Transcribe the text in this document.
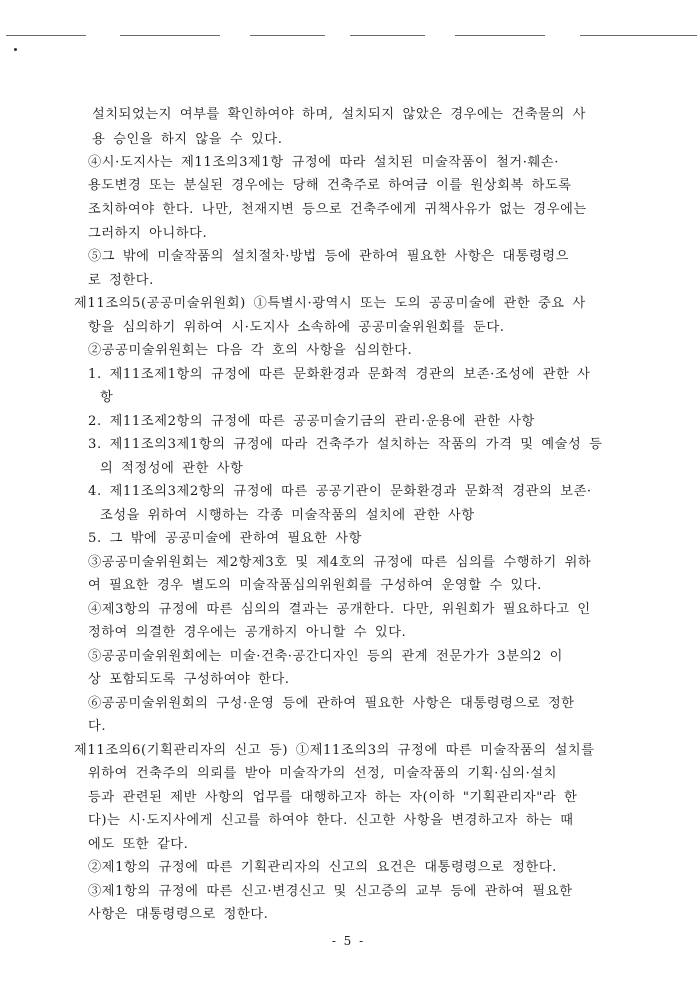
설치되었는지 여부를 확인하여야 하며, 설치되지 않았은 경우에는 건축물의 사
용 승인을 하지 않을 수 있다.
④시·도지사는 제11조의3제1항 규정에 따라 설치된 미술작품이 철거·훼손·
용도변경 또는 분실된 경우에는 당해 건축주로 하여금 이를 원상회복 하도록
조치하여야 한다. 나만, 천재지변 등으로 건축주에게 귀책사유가 없는 경우에는
그러하지 아니하다.
⑤그 밖에 미술작품의 설치절차·방법 등에 관하여 필요한 사항은 대통령령으
로 정한다.
제11조의5(공공미술위원회) ①특별시·광역시 또는 도의 공공미술에 관한 중요 사
항을 심의하기 위하여 시·도지사 소속하에 공공미술위원회를 둔다.
②공공미술위원회는 다음 각 호의 사항을 심의한다.
1. 제11조제1항의 규정에 따른 문화환경과 문화적 경관의 보존·조성에 관한 사
항
2. 제11조제2항의 규정에 따른 공공미술기금의 관리·운용에 관한 사항
3. 제11조의3제1항의 규정에 따라 건축주가 설치하는 작품의 가격 및 예술성 등
의 적정성에 관한 사항
4. 제11조의3제2항의 규정에 따른 공공기관이 문화환경과 문화적 경관의 보존·
조성을 위하여 시행하는 각종 미술작품의 설치에 관한 사항
5. 그 밖에 공공미술에 관하여 필요한 사항
③공공미술위원회는 제2항제3호 및 제4호의 규정에 따른 심의를 수행하기 위하
여 필요한 경우 별도의 미술작품심의위원회를 구성하여 운영할 수 있다.
④제3항의 규정에 따른 심의의 결과는 공개한다. 다만, 위원회가 필요하다고 인
정하여 의결한 경우에는 공개하지 아니할 수 있다.
⑤공공미술위원회에는 미술·건축·공간디자인 등의 관계 전문가가 3분의2 이
상 포함되도록 구성하여야 한다.
⑥공공미술위원회의 구성·운영 등에 관하여 필요한 사항은 대통령령으로 정한
다.
제11조의6(기획관리자의 신고 등) ①제11조의3의 규정에 따른 미술작품의 설치를
위하여 건축주의 의뢰를 받아 미술작가의 선정, 미술작품의 기획·심의·설치
등과 관련된 제반 사항의 업무를 대행하고자 하는 자(이하 "기획관리자"라 한
다)는 시·도지사에게 신고를 하여야 한다. 신고한 사항을 변경하고자 하는 때
에도 또한 같다.
②제1항의 규정에 따른 기획관리자의 신고의 요건은 대통령령으로 정한다.
③제1항의 규정에 따른 신고·변경신고 및 신고증의 교부 등에 관하여 필요한
사항은 대통령령으로 정한다.
- 5 -
